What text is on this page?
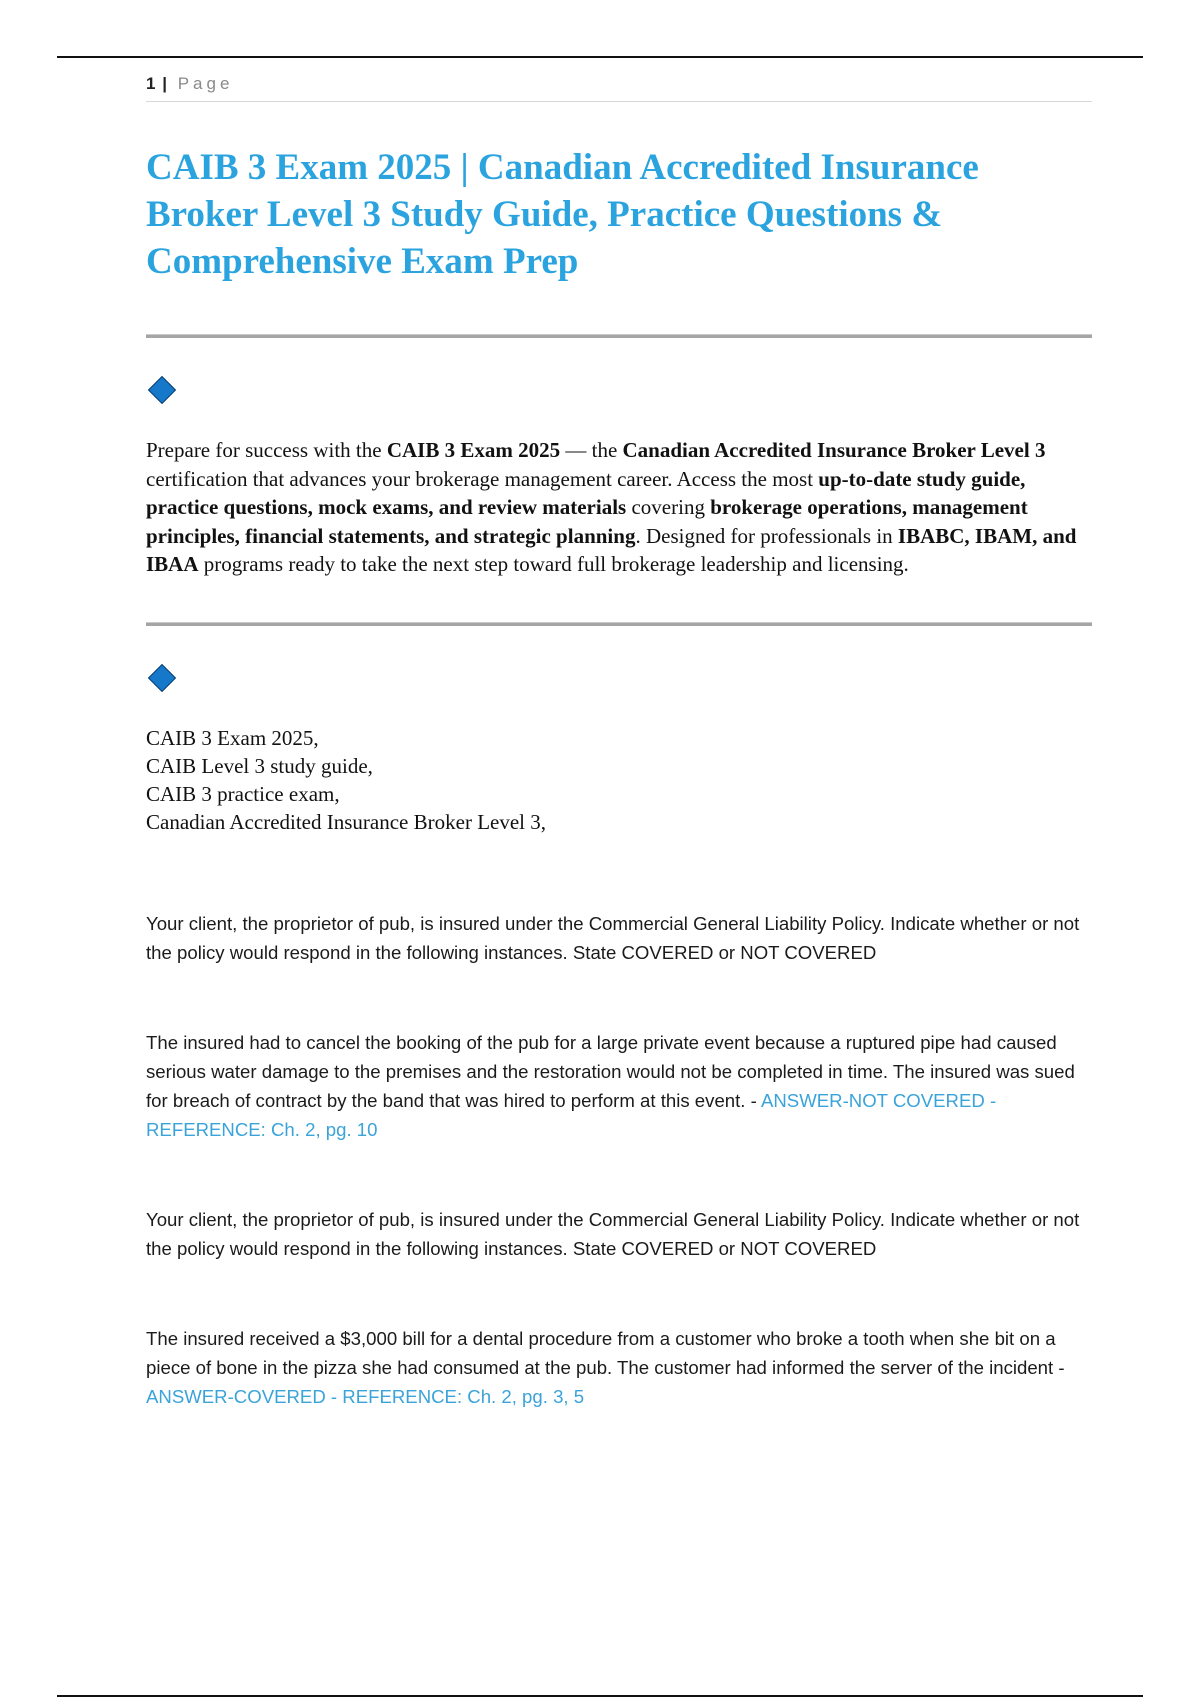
1 | Page
CAIB 3 Exam 2025 | Canadian Accredited Insurance Broker Level 3 Study Guide, Practice Questions & Comprehensive Exam Prep

Prepare for success with the CAIB 3 Exam 2025 — the Canadian Accredited Insurance Broker Level 3 certification that advances your brokerage management career. Access the most up-to-date study guide, practice questions, mock exams, and review materials covering brokerage operations, management principles, financial statements, and strategic planning. Designed for professionals in IBABC, IBAM, and IBAA programs ready to take the next step toward full brokerage leadership and licensing.

CAIB 3 Exam 2025,
CAIB Level 3 study guide,
CAIB 3 practice exam,
Canadian Accredited Insurance Broker Level 3,
Your client, the proprietor of pub, is insured under the Commercial General Liability Policy. Indicate whether or not the policy would respond in the following instances. State COVERED or NOT COVERED
The insured had to cancel the booking of the pub for a large private event because a ruptured pipe had caused serious water damage to the premises and the restoration would not be completed in time. The insured was sued for breach of contract by the band that was hired to perform at this event. - ANSWER-NOT COVERED - REFERENCE: Ch. 2, pg. 10
Your client, the proprietor of pub, is insured under the Commercial General Liability Policy. Indicate whether or not the policy would respond in the following instances. State COVERED or NOT COVERED
The insured received a $3,000 bill for a dental procedure from a customer who broke a tooth when she bit on a piece of bone in the pizza she had consumed at the pub. The customer had informed the server of the incident - ANSWER-COVERED - REFERENCE: Ch. 2, pg. 3, 5
